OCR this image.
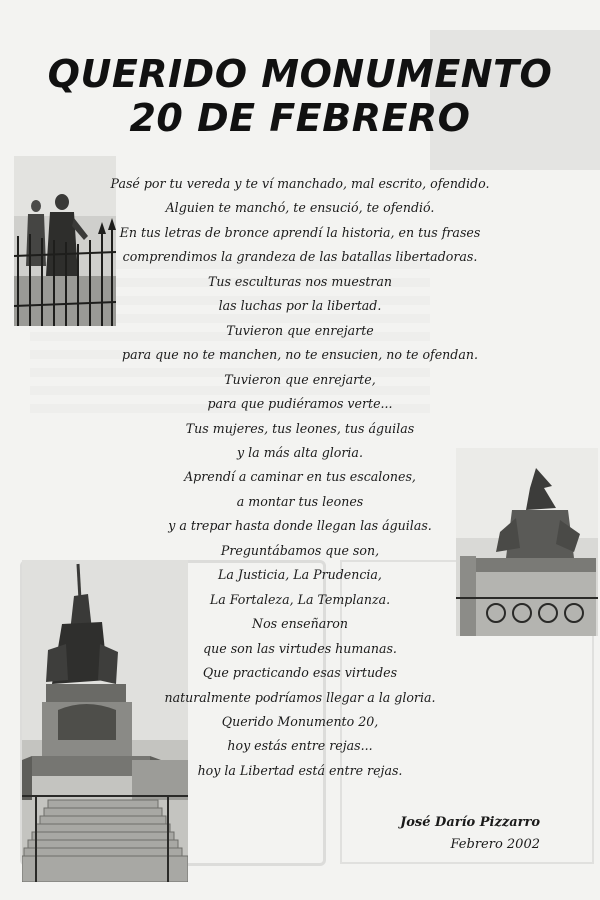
QUERIDO MONUMENTO
20 DE FEBRERO
Pasé por tu vereda y te ví manchado, mal escrito, ofendido.
Alguien te manchó, te ensució, te ofendió.
En tus letras de bronce aprendí la historia, en tus frases
comprendimos la grandeza de las batallas libertadoras.
Tus esculturas nos muestran
las luchas por la libertad.
Tuvieron que enrejarte
para que no te manchen, no te ensucien, no te ofendan.
Tuvieron que enrejarte,
para que pudiéramos verte...
Tus mujeres, tus leones, tus águilas
y la más alta gloria.
Aprendí a caminar en tus escalones,
a montar tus leones
y a trepar hasta donde llegan las águilas.
Preguntábamos que son,
La Justicia, La Prudencia,
La Fortaleza, La Templanza.
Nos enseñaron
que son las virtudes humanas.
Que practicando esas virtudes
naturalmente podríamos llegar a la gloria.
Querido Monumento 20,
hoy estás entre rejas...
hoy la Libertad está entre rejas.
José Darío Pizzarro
Febrero 2002
